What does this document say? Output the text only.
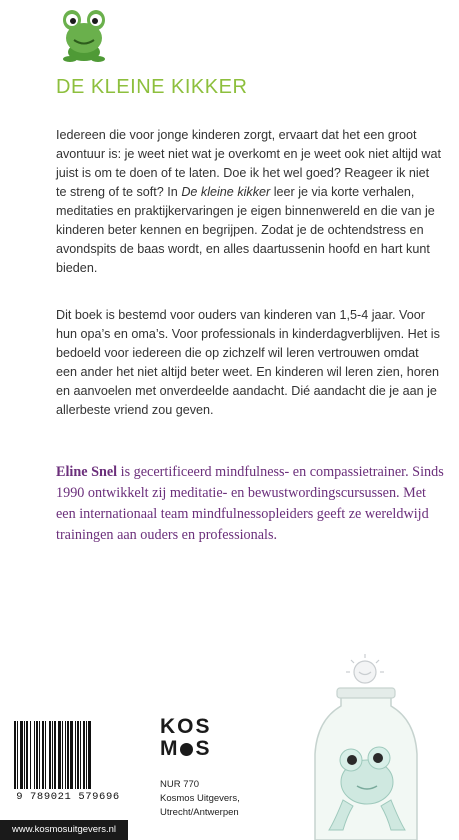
DE KLEINE KIKKER

Iedereen die voor jonge kinderen zorgt, ervaart dat het een groot avontuur is: je weet niet wat je overkomt en je weet ook niet altijd wat juist is om te doen of te laten. Doe ik het wel goed? Reageer ik niet te streng of te soft? In De kleine kikker leer je via korte verhalen, meditaties en praktijkervaringen je eigen binnenwereld en die van je kinderen beter kennen en begrijpen. Zodat je de ochtendstress en avondspits de baas wordt, en alles daartussenin hoofd en hart kunt bieden.

Dit boek is bestemd voor ouders van kinderen van 1,5-4 jaar. Voor hun opa’s en oma’s. Voor professionals in kinderdagverblijven. Het is bedoeld voor iedereen die op zichzelf wil leren vertrouwen omdat een ander het niet altijd beter weet. En kinderen wil leren zien, horen en aanvoelen met onverdeelde aandacht. Dié aandacht die je aan je allerbeste vriend zou geven.

Eline Snel is gecertificeerd mindfulness- en compassietrainer. Sinds 1990 ontwikkelt zij meditatie- en bewustwordingscursussen. Met een internationaal team mindfulnessopleiders geeft ze wereldwijd trainingen aan ouders en professionals.

9 789021 579696
www.kosmosuitgevers.nl
KOS
M S
NUR 770
Kosmos Uitgevers,
Utrecht/Antwerpen
